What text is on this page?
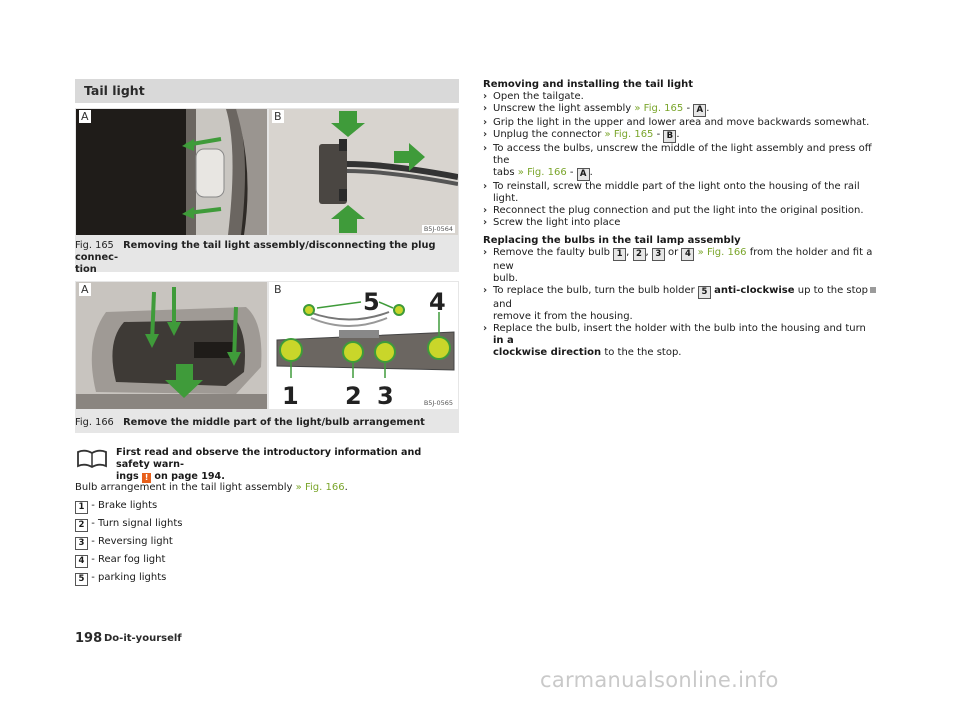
Tail light
A	B
B5J-0564
Fig. 165 Removing the tail light assembly/disconnecting the plug connec-
tion
A
1 2 3
4
5
B
B5J-0565
Fig. 166 Remove the middle part of the light/bulb arrangement
First read and observe the introductory information and safety warn-
ings ! on page 194.
Bulb arrangement in the tail light assembly » Fig. 166.
1 - Brake lights
2 - Turn signal lights
3 - Reversing light
4 - Rear fog light
5 - parking lights
Removing and installing the tail light
› Open the tailgate.
› Unscrew the light assembly » Fig. 165 - A .
› Grip the light in the upper and lower area and move backwards somewhat.
› Unplug the connector » Fig. 165 - B .
› To access the bulbs, unscrew the middle of the light assembly and press off the
tabs » Fig. 166 - A .
› To reinstall, screw the middle part of the light onto the housing of the rail light.
› Reconnect the plug connection and put the light into the original position.
› Screw the light into place
Replacing the bulbs in the tail lamp assembly
› Remove the faulty bulb 1 , 2 , 3 or 4 » Fig. 166 from the holder and fit a new
bulb.
› To replace the bulb, turn the bulb holder 5 anti-clockwise up to the stop and
remove it from the housing.
› Replace the bulb, insert the holder with the bulb into the housing and turn in a
clockwise direction to the the stop.
198 Do-it-yourself
carmanualsonline.info
